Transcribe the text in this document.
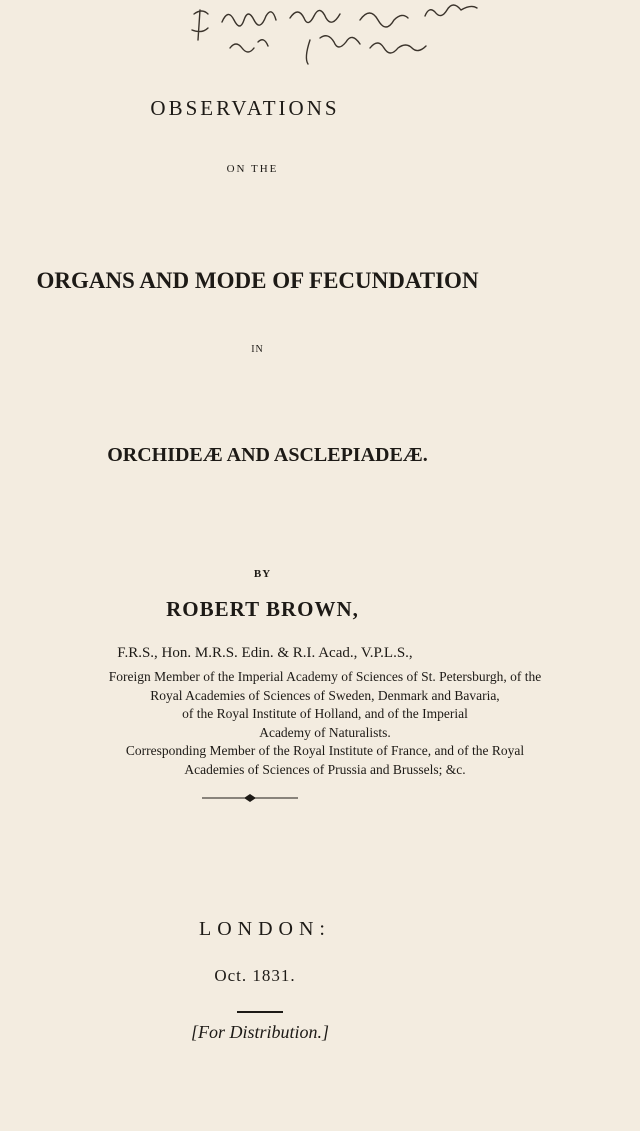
OBSERVATIONS
ON THE
ORGANS AND MODE OF FECUNDATION
IN
ORCHIDEÆ AND ASCLEPIADEÆ.
BY
ROBERT BROWN,
F.R.S., Hon. M.R.S. Edin. & R.I. Acad., V.P.L.S.,
Foreign Member of the Imperial Academy of Sciences of St. Petersburgh, of the
Royal Academies of Sciences of Sweden, Denmark and Bavaria,
of the Royal Institute of Holland, and of the Imperial
Academy of Naturalists.
Corresponding Member of the Royal Institute of France, and of the Royal
Academies of Sciences of Prussia and Brussels; &c.
LONDON:
Oct. 1831.
[For Distribution.]
